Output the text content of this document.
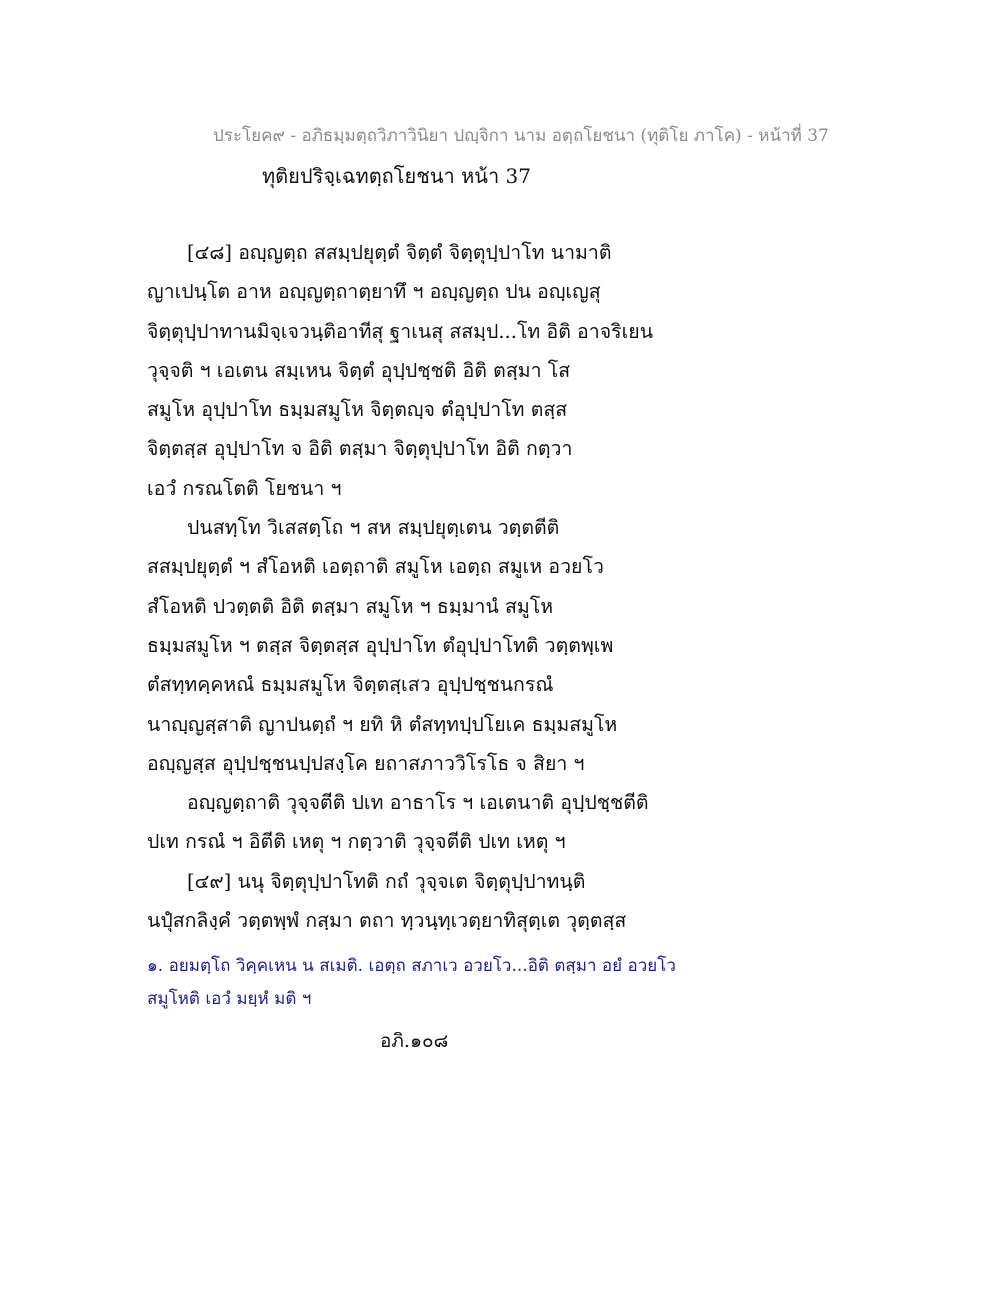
ประโยค๙ - อภิธมฺมตฺถวิภาวินิยา ปญฺจิกา นาม อตฺถโยชนา (ทุติโย ภาโค) - หน้าที่ 37
ทุติยปริจฺเฉทตฺถโยชนา หน้า 37
[๔๘] อญฺญตฺถ สสมฺปยุตฺตํ จิตฺตํ จิตฺตุปฺปาโท นามาติ
ญาเปนฺโต อาห อญฺญตฺถาตฺยาทึ ฯ อญฺญตฺถ ปน อญฺเญสุ
จิตฺตุปฺปาทานมิจฺเจวนฺติอาทีสุ ฐาเนสุ สสมฺป...โท อิติ อาจริเยน
วุจฺจติ ฯ เอเตน สมฺเหน จิตฺตํ อุปฺปชฺชติ อิติ ตสฺมา โส
สมูโห อุปฺปาโท ธมฺมสมูโห จิตฺตญฺจ ตํอุปฺปาโท ตสฺส
จิตฺตสฺส อุปฺปาโท จ อิติ ตสฺมา จิตฺตุปฺปาโท อิติ กตฺวา
เอวํ กรณโตติ โยชนา ฯ
ปนสทฺโท วิเสสตฺโถ ฯ สห สมฺปยุตฺเตน วตฺตตีติ
สสมฺปยุตฺตํ ฯ สํโอหติ เอตฺถาติ สมูโห เอตฺถ สมูเห อวยโว
สํโอหติ ปวตฺตติ อิติ ตสฺมา สมูโห ฯ ธมฺมานํ สมูโห
ธมฺมสมูโห ฯ ตสฺส จิตฺตสฺส อุปฺปาโท ตํอุปฺปาโทติ วตฺตพฺเพ
ตํสทฺทคฺคหณํ ธมฺมสมูโห จิตฺตสฺเสว อุปฺปชฺชนกรณํ
นาญฺญสฺสาติ ญาปนตฺถํ ฯ ยทิ หิ ตํสทฺทปฺปโยเค ธมฺมสมูโห
อญฺญสฺส อุปฺปชฺชนปฺปสงฺโค ยถาสภาววิโรโธ จ สิยา ฯ
อญฺญตฺถาติ วุจฺจตีติ ปเท อาธาโร ฯ เอเตนาติ อุปฺปชฺชตีติ
ปเท กรณํ ฯ อิตีติ เหตุ ฯ กตฺวาติ วุจฺจตีติ ปเท เหตุ ฯ
[๔๙] นนุ จิตฺตุปฺปาโทติ กถํ วุจฺจเต จิตฺตุปฺปาทนฺติ
นปุํสกลิงฺคํ วตฺตพฺพํ กสฺมา ตถา ทฺวนฺทฺเวตฺยาทิสุตฺเต วุตฺตสฺส
๑. อยมตฺโถ วิคฺคเหน น สเมติ. เอตฺถ สภาเว อวยโว...อิติ ตสฺมา อยํ อวยโว
สมูโหติ เอวํ มยฺหํ มติ ฯ
อภิ.๑๐๘
